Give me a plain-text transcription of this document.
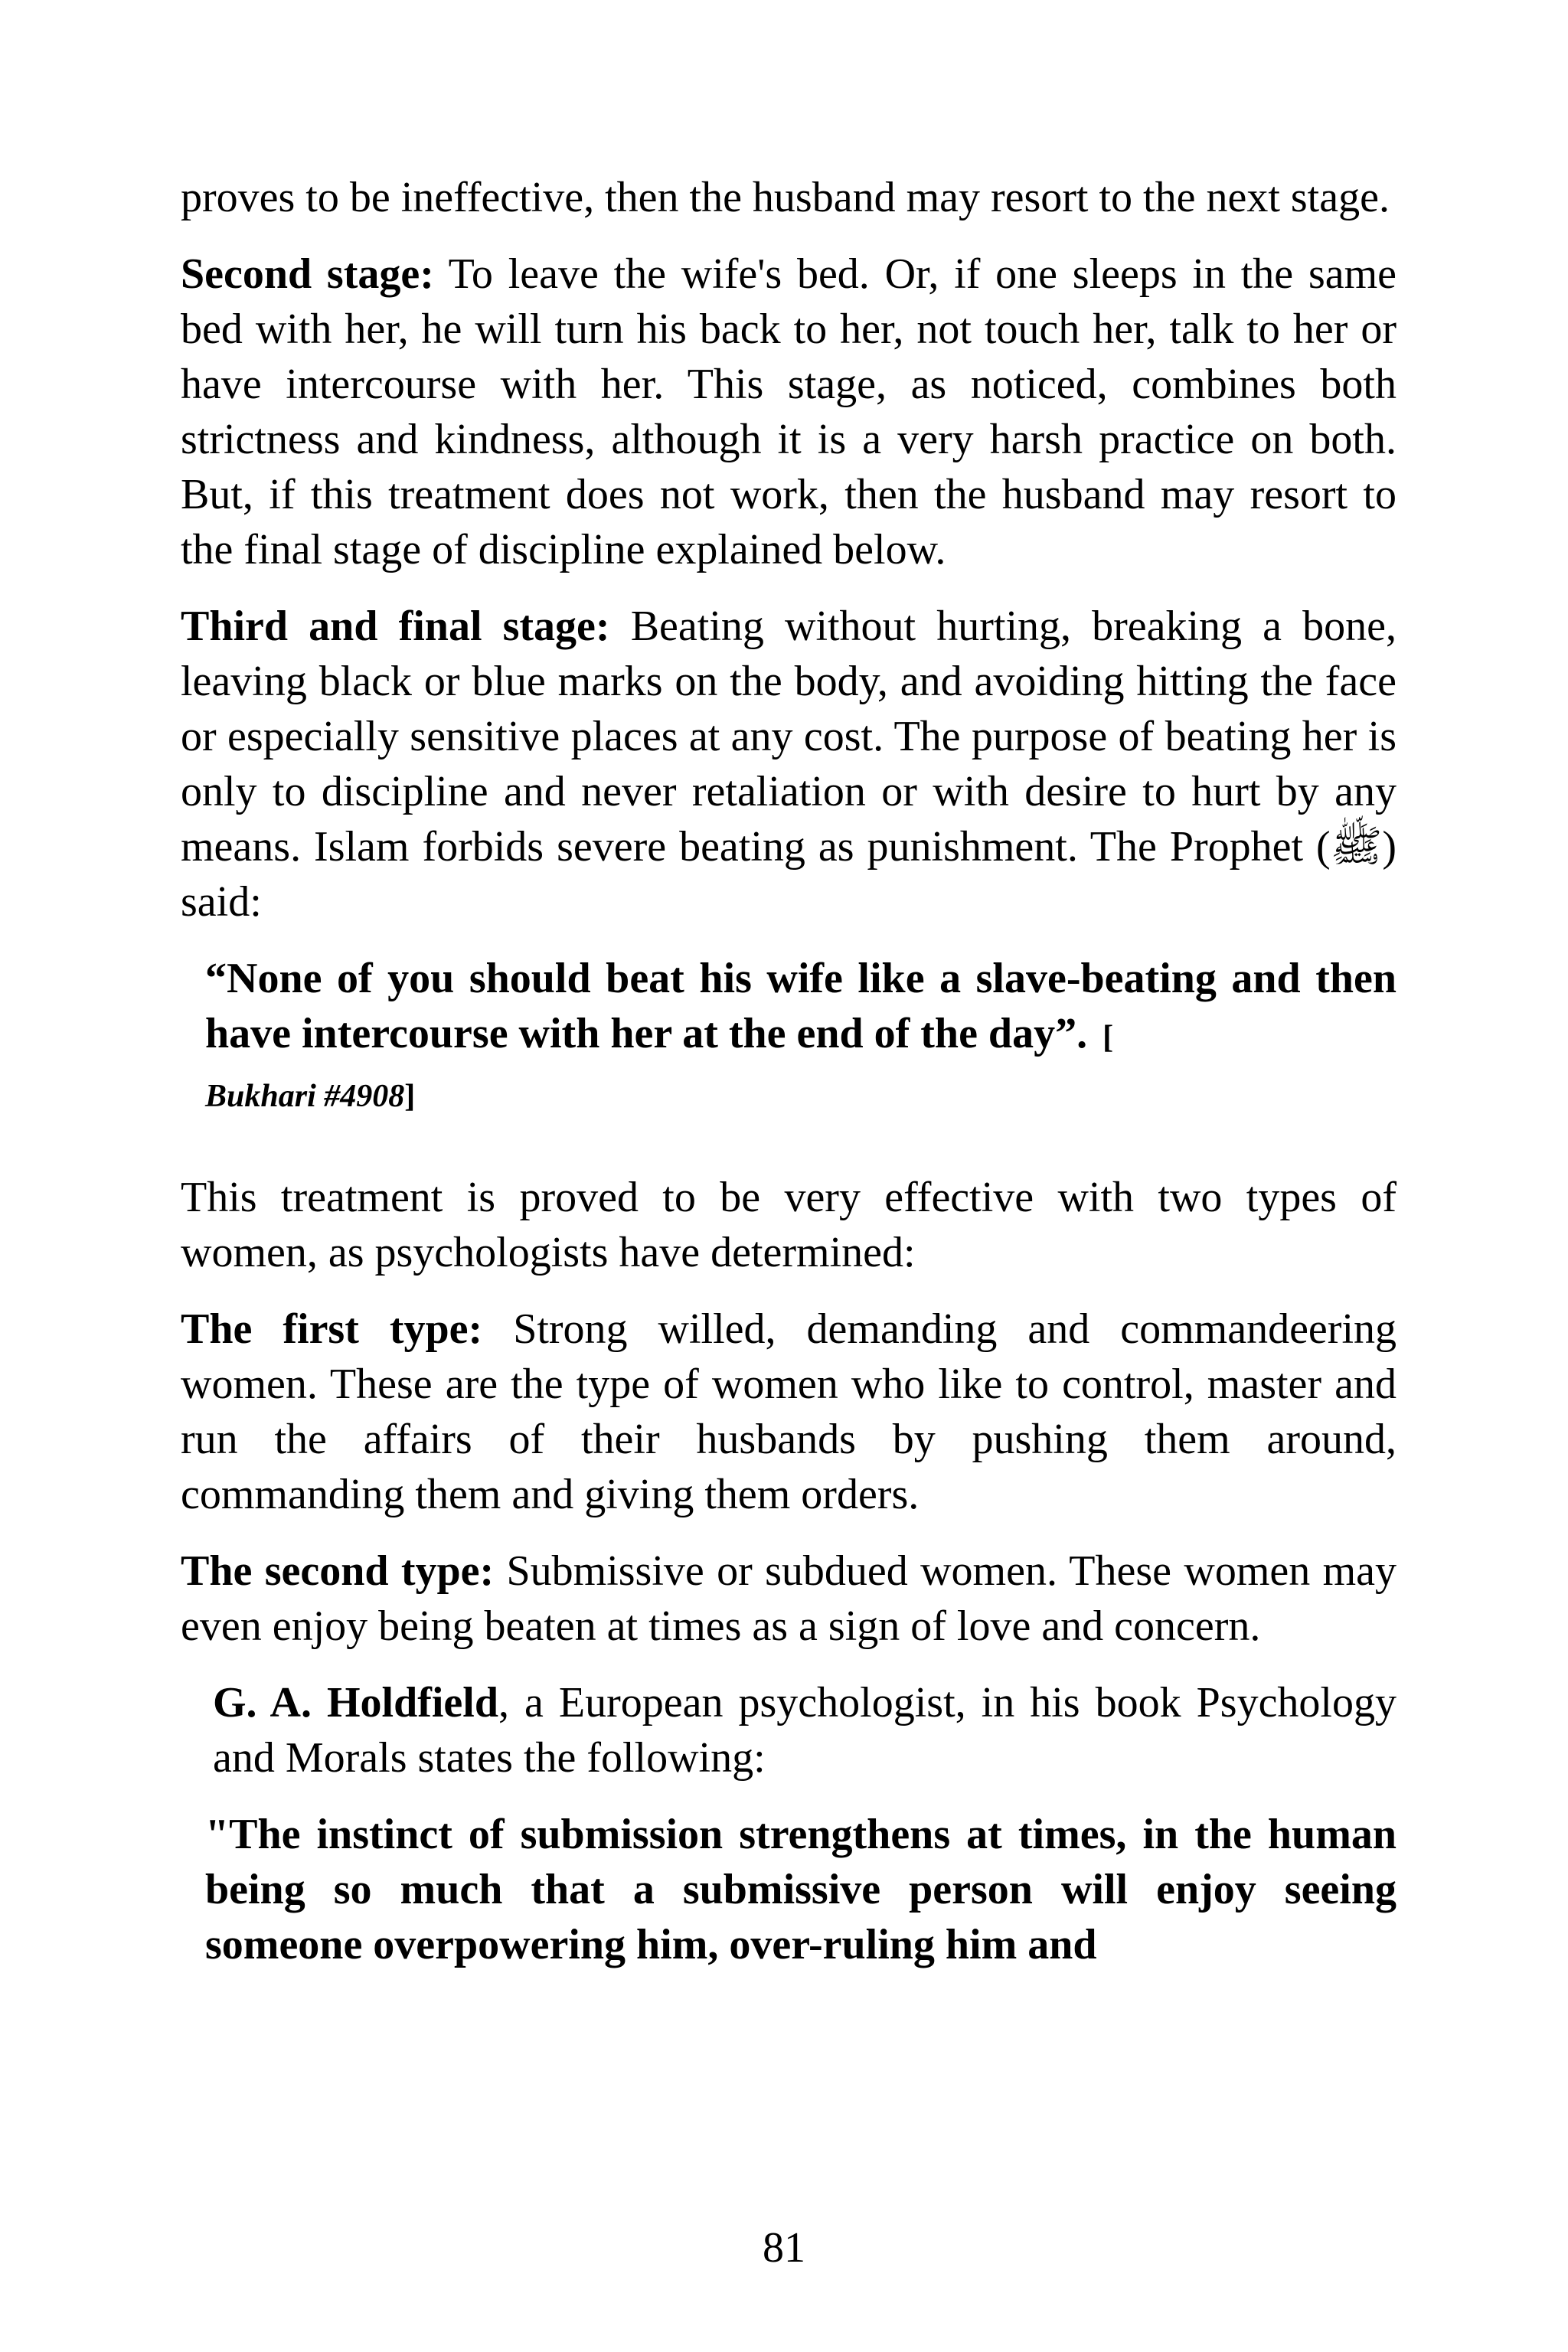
proves to be ineffective, then the husband may resort to the next stage.

Second stage: To leave the wife's bed. Or, if one sleeps in the same bed with her, he will turn his back to her, not touch her, talk to her or have intercourse with her. This stage, as noticed, combines both strictness and kindness, although it is a very harsh practice on both. But, if this treatment does not work, then the husband may resort to the final stage of discipline explained below.

Third and final stage: Beating without hurting, breaking a bone, leaving black or blue marks on the body, and avoiding hitting the face or especially sensitive places at any cost. The purpose of beating her is only to discipline and never retaliation or with desire to hurt by any means. Islam forbids severe beating as punishment. The Prophet (ﷺ) said:

“None of you should beat his wife like a slave-beating and then have intercourse with her at the end of the day”. [
Bukhari #4908]

This treatment is proved to be very effective with two types of women, as psychologists have determined:

The first type: Strong willed, demanding and commandeering women. These are the type of women who like to control, master and run the affairs of their husbands by pushing them around, commanding them and giving them orders.

The second type: Submissive or subdued women. These women may even enjoy being beaten at times as a sign of love and concern.

G. A. Holdfield, a European psychologist, in his book Psychology and Morals states the following:

"The instinct of submission strengthens at times, in the human being so much that a submissive person will enjoy seeing someone overpowering him, over-ruling him and

81
